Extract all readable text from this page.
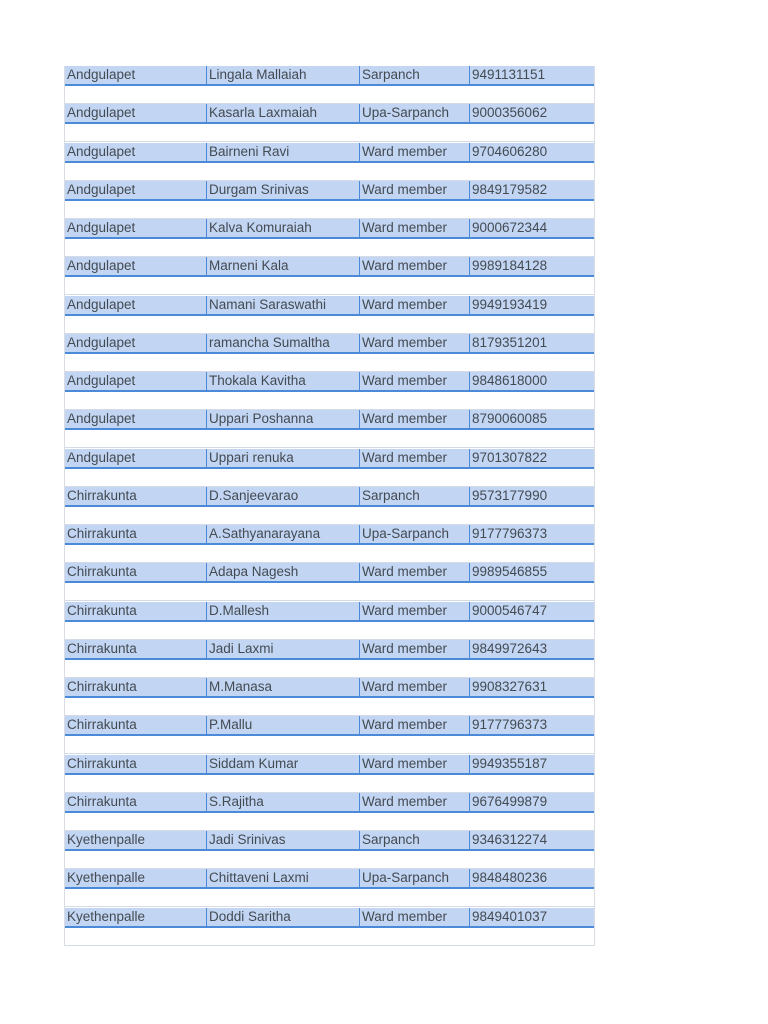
Andgulapet	Lingala Mallaiah	Sarpanch	9491131151
Andgulapet	Kasarla Laxmaiah	Upa-Sarpanch	9000356062
Andgulapet	Bairneni Ravi	Ward member	9704606280
Andgulapet	Durgam Srinivas	Ward member	9849179582
Andgulapet	Kalva Komuraiah	Ward member	9000672344
Andgulapet	Marneni Kala	Ward member	9989184128
Andgulapet	Namani Saraswathi	Ward member	9949193419
Andgulapet	ramancha Sumaltha	Ward member	8179351201
Andgulapet	Thokala Kavitha	Ward member	9848618000
Andgulapet	Uppari Poshanna	Ward member	8790060085
Andgulapet	Uppari renuka	Ward member	9701307822
Chirrakunta	D.Sanjeevarao	Sarpanch	9573177990
Chirrakunta	A.Sathyanarayana	Upa-Sarpanch	9177796373
Chirrakunta	Adapa Nagesh	Ward member	9989546855
Chirrakunta	D.Mallesh	Ward member	9000546747
Chirrakunta	Jadi Laxmi	Ward member	9849972643
Chirrakunta	M.Manasa	Ward member	9908327631
Chirrakunta	P.Mallu	Ward member	9177796373
Chirrakunta	Siddam Kumar	Ward member	9949355187
Chirrakunta	S.Rajitha	Ward member	9676499879
Kyethenpalle	Jadi Srinivas	Sarpanch	9346312274
Kyethenpalle	Chittaveni Laxmi	Upa-Sarpanch	9848480236
Kyethenpalle	Doddi Saritha	Ward member	9849401037
